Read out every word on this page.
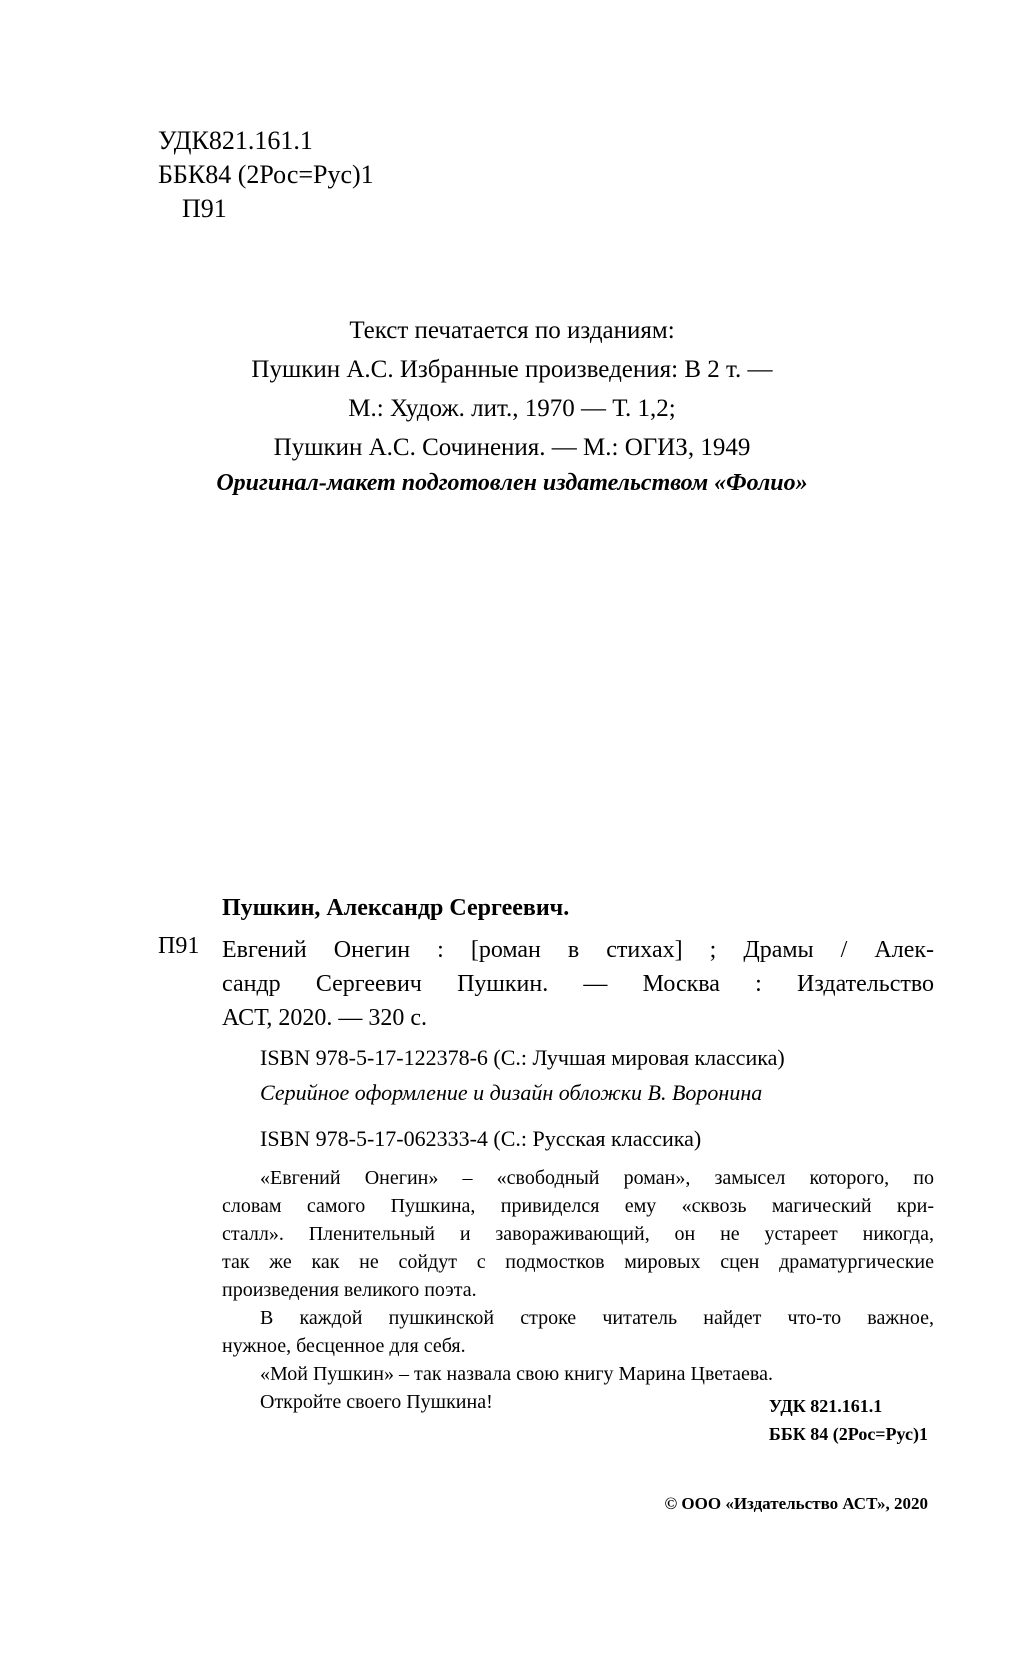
УДК821.161.1
ББК84 (2Рос=Рус)1
П91
Текст печатается по изданиям:
Пушкин А.С. Избранные произведения: В 2 т. —
М.: Худож. лит., 1970 — Т. 1,2;
Пушкин А.С. Сочинения. — М.: ОГИЗ, 1949
Оригинал-макет подготовлен издательством «Фолио»
Пушкин, Александр Сергеевич.
П91 Евгений Онегин : [роман в стихах] ; Драмы / Алек-
сандр Сергеевич Пушкин. — Москва : Издательство
АСТ, 2020. — 320 с.
ISBN 978-5-17-122378-6 (С.: Лучшая мировая классика)
Серийное оформление и дизайн обложки В. Воронина
ISBN 978-5-17-062333-4 (С.: Русская классика)
«Евгений Онегин» – «свободный роман», замысел которого, по
словам самого Пушкина, привиделся ему «сквозь магический кри-
сталл». Пленительный и завораживающий, он не устареет никогда,
так же как не сойдут с подмостков мировых сцен драматургические
произведения великого поэта.
В каждой пушкинской строке читатель найдет что-то важное,
нужное, бесценное для себя.
«Мой Пушкин» – так назвала свою книгу Марина Цветаева.
Откройте своего Пушкина!	УДК 821.161.1
ББК 84 (2Рос=Рус)1
© ООО «Издательство АСТ», 2020
